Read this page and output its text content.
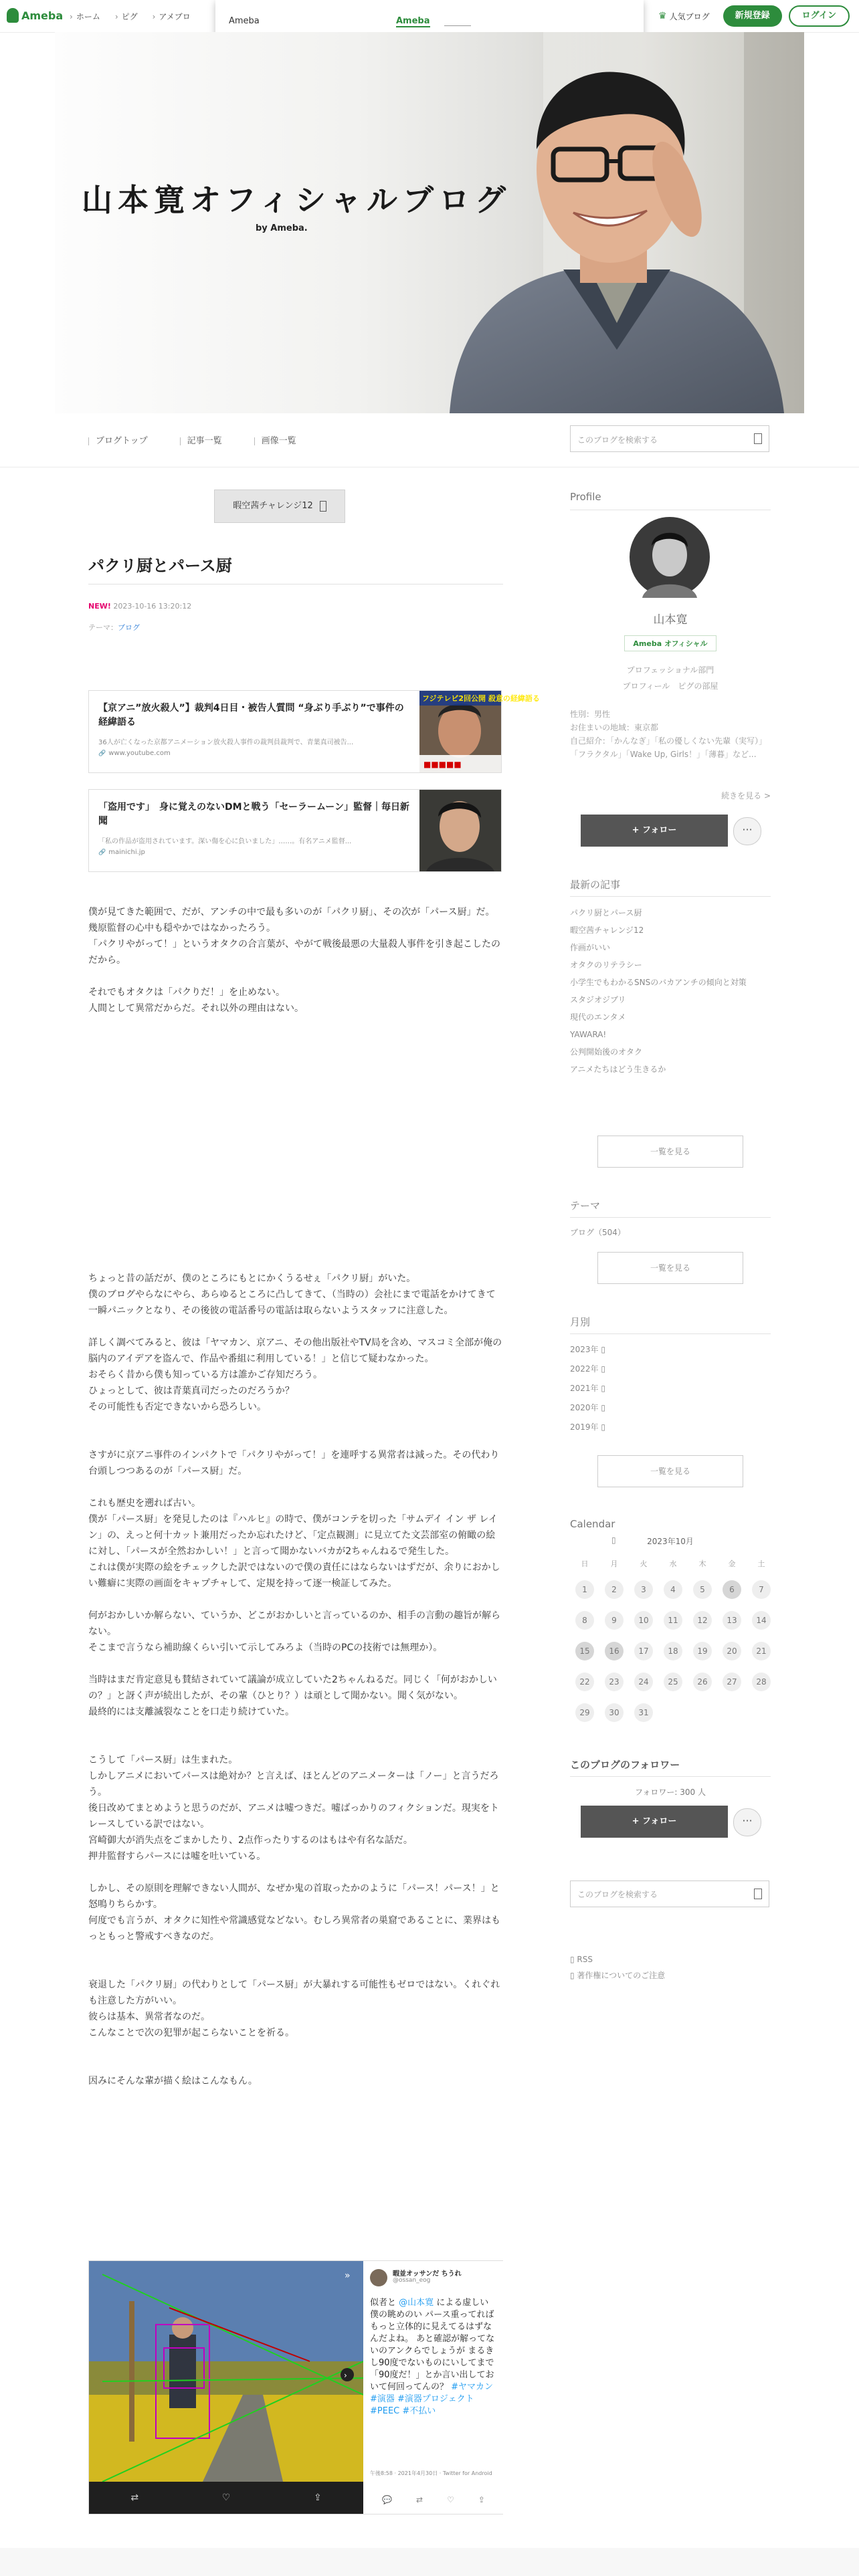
Ameba	› ホーム	› ピグ	› アメブロ	♛ 人気ブログ	新規登録	ログイン
Ameba	Ameba
山本寛オフィシャルブログ
by Ameba.
ブログトップ	記事一覧	画像一覧	このブログを検索する
暇空茜チャレンジ12
パクリ厨とパース厨
NEW! 2023-10-16 13:20:12
テーマ：ブログ
【京アニ”放火殺人”】裁判4日目・被告人質問 “身ぶり手ぶり”で事件の経緯語る
36人が亡くなった京都アニメーション放火殺人事件の裁判員裁判で、青葉真司被告...
🔗 www.youtube.com
フジテレビ2回公開 殺意の経緯語る
■■■■■
「盗用です」　身に覚えのないDMと戦う「セーラームーン」監督｜毎日新聞
「私の作品が盗用されています。深い傷を心に負いました」……。有名アニメ監督...
🔗 mainichi.jp

僕が見てきた範囲で、だが、アンチの中で最も多いのが「パクリ厨」、その次が「パース厨」だ。

幾原監督の心中も穏やかではなかったろう。

「パクリやがって！」というオタクの合言葉が、やがて戦後最悪の大量殺人事件を引き起こしたのだから。

それでもオタクは「パクりだ！」を止めない。

人間として異常だからだ。それ以外の理由はない。

ちょっと昔の話だが、僕のところにもとにかくうるせぇ「パクリ厨」がいた。

僕のブログやらなにやら、あらゆるところに凸してきて、（当時の）会社にまで電話をかけてきて一瞬パニックとなり、その後彼の電話番号の電話は取らないようスタッフに注意した。

詳しく調べてみると、彼は「ヤマカン、京アニ、その他出版社やTV局を含め、マスコミ全部が俺の脳内のアイデアを盗んで、作品や番組に利用している！」と信じて疑わなかった。

おそらく昔から僕も知っている方は誰かご存知だろう。

ひょっとして、彼は青葉真司だったのだろうか？

その可能性も否定できないから恐ろしい。

さすがに京アニ事件のインパクトで「パクリやがって！」を連呼する異常者は減った。その代わり台頭しつつあるのが「パース厨」だ。

これも歴史を遡れば古い。

僕が「パース厨」を発見したのは『ハルヒ』の時で、僕がコンテを切った「サムデイ イン ザ レイン」の、えっと何十カット兼用だったか忘れたけど、「定点観測」に見立てた文芸部室の俯瞰の絵に対し、「パースが全然おかしい！」と言って聞かないバカが2ちゃんねるで発生した。

これは僕が実際の絵をチェックした訳ではないので僕の責任にはならないはずだが、余りにおかしい難癖に実際の画面をキャプチャして、定規を持って逐一検証してみた。

何がおかしいか解らない、ていうか、どこがおかしいと言っているのか、相手の言動の趣旨が解らない。

そこまで言うなら補助線くらい引いて示してみろよ（当時のPCの技術では無理か）。

当時はまだ肯定意見も賛結されていて議論が成立していた2ちゃんねるだ。同じく「何がおかしいの？」と訝く声が続出したが、その輩（ひとり？）は頑として聞かない。聞く気がない。

最終的には支離滅裂なことを口走り続けていた。

こうして「パース厨」は生まれた。

しかしアニメにおいてパースは絶対か？と言えば、ほとんどのアニメーターは「ノー」と言うだろう。

後日改めてまとめようと思うのだが、アニメは嘘つきだ。嘘ばっかりのフィクションだ。現実をトレースしている訳ではない。

宮崎御大が消失点をごまかしたり、2点作ったりするのはもはや有名な話だ。

押井監督すらパースには嘘を吐いている。

しかし、その原則を理解できない人間が、なぜか鬼の首取ったかのように「パース！パース！」と怒鳴りちらかす。

何度でも言うが、オタクに知性や常識感覚などない。むしろ異常者の巣窟であることに、業界はもっともっと警戒すべきなのだ。

衰退した「パクリ厨」の代わりとして「パース厨」が大暴れする可能性もゼロではない。くれぐれも注意した方がいい。

彼らは基本、異常者なのだ。

こんなことで次の犯罪が起こらないことを祈る。

因みにそんな輩が描く絵はこんなもん。

›
»
⇄	♡	⇪
暇並オッサンだ ちうれ
@ossan_eog
似者と @山本寛 による虚しい僕の眺めのい パース重ってればもっと立体的に見えてるはずなんだよね。 あと確認が解ってないのアンクらでしょうが まるきし90度でないものにいしてまで「90度だ！」とか言い出しておいて何回ってんの？ #ヤマカン #演器 #演器プロジェクト #PEEC #不払い
午後8:58 · 2021年4月30日 · Twitter for Android
💬	⇄	♡	⇪
Profile
山本寛
Ameba オフィシャル
プロフェッショナル部門
プロフィール　ピグの部屋
性別：男性
お住まいの地域：東京都
自己紹介：「かんなぎ」「私の優しくない先輩（実写）」「フラクタル」「Wake Up, Girls！」「薄暮」など...
続きを見る >
+ フォロー	···
最新の記事
パクリ厨とパース厨
暇空茜チャレンジ12
作画がいい
オタクのリテラシー
小学生でもわかるSNSのバカアンチの傾向と対策
スタジオジブリ
現代のエンタメ
YAWARA!
公判開始後のオタク
アニメたちはどう生きるか
一覧を見る
テーマ
ブログ（504）
一覧を見る
月別
2023年 ▯
2022年 ▯
2021年 ▯
2020年 ▯
2019年 ▯
一覧を見る
Calendar
▯	2023年10月
日	月	火	水	木	金	土
1	2	3	4	5	6	7
8	9	10	11	12	13	14
15	16	17	18	19	20	21
22	23	24	25	26	27	28
29	30	31				
このブログのフォロワー
フォロワー: 300 人
+ フォロー	···
このブログを検索する
▯ RSS
▯ 著作権についてのご注意
